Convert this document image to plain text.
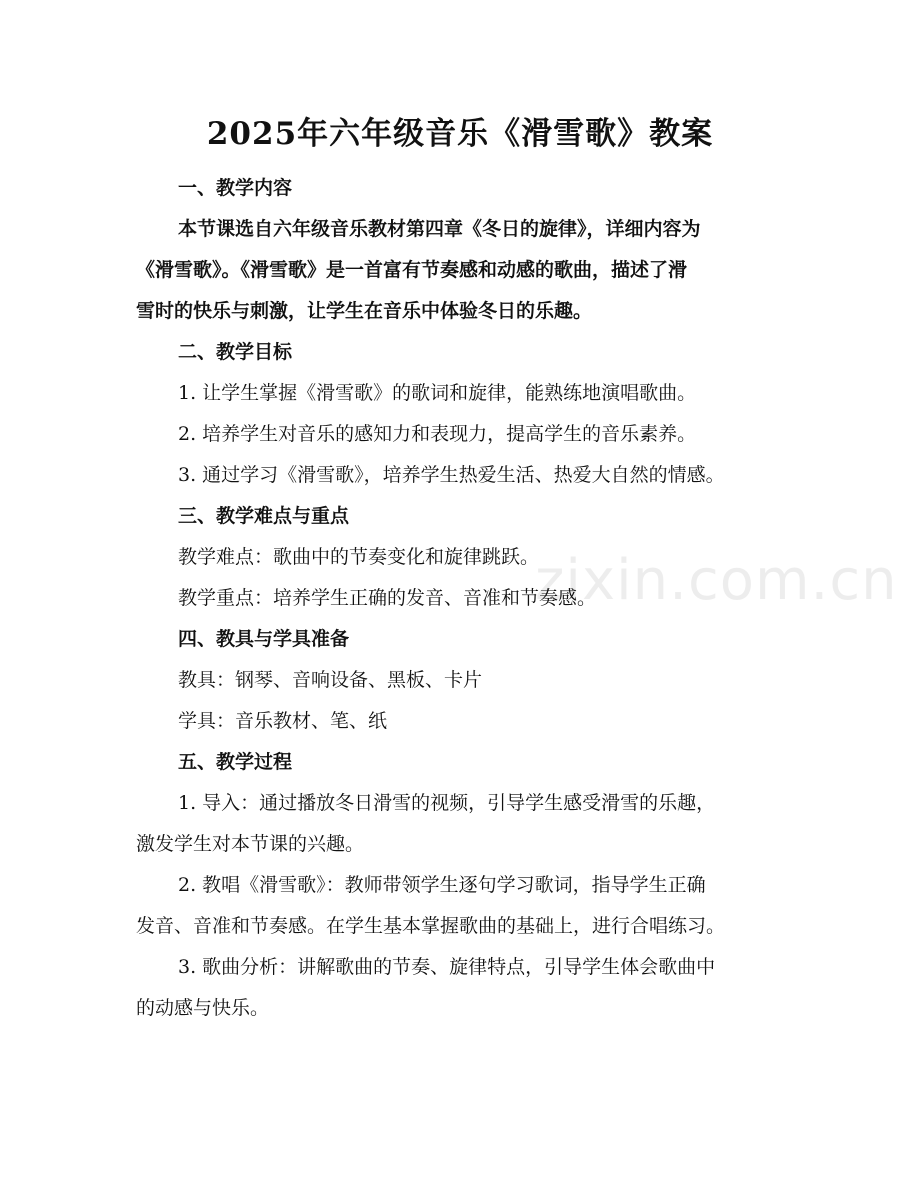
zixin.com.cn
2025年六年级音乐《滑雪歌》教案
一、教学内容
本节课选自六年级音乐教材第四章《冬日的旋律》，详细内容为
《滑雪歌》。《滑雪歌》是一首富有节奏感和动感的歌曲，描述了滑
雪时的快乐与刺激，让学生在音乐中体验冬日的乐趣。
二、教学目标
1. 让学生掌握《滑雪歌》的歌词和旋律，能熟练地演唱歌曲。
2. 培养学生对音乐的感知力和表现力，提高学生的音乐素养。
3. 通过学习《滑雪歌》，培养学生热爱生活、热爱大自然的情感。
三、教学难点与重点
教学难点：歌曲中的节奏变化和旋律跳跃。
教学重点：培养学生正确的发音、音准和节奏感。
四、教具与学具准备
教具：钢琴、音响设备、黑板、卡片
学具：音乐教材、笔、纸
五、教学过程
1. 导入：通过播放冬日滑雪的视频，引导学生感受滑雪的乐趣，
激发学生对本节课的兴趣。
2. 教唱《滑雪歌》：教师带领学生逐句学习歌词，指导学生正确
发音、音准和节奏感。在学生基本掌握歌曲的基础上，进行合唱练习。
3. 歌曲分析：讲解歌曲的节奏、旋律特点，引导学生体会歌曲中
的动感与快乐。
